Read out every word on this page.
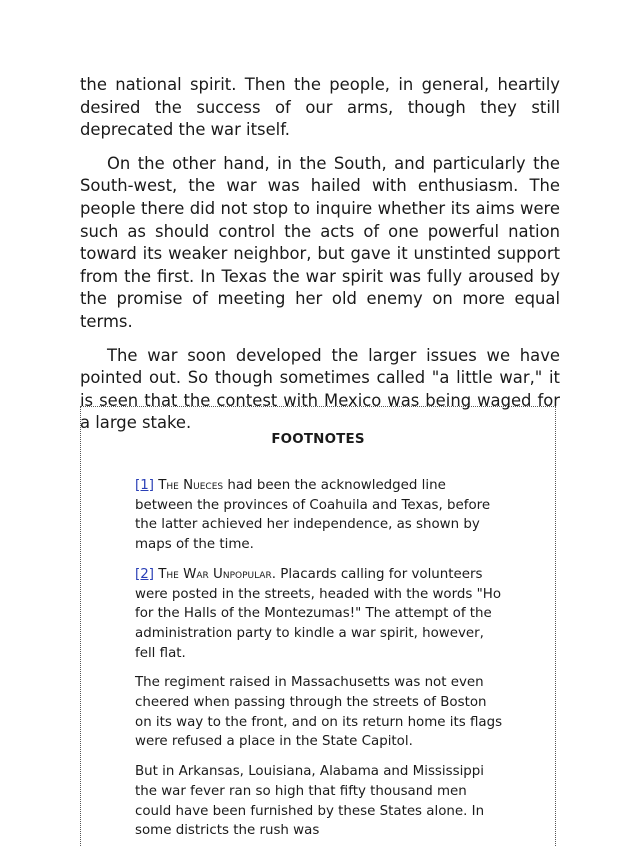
the national spirit. Then the people, in general, heartily desired the success of our arms, though they still deprecated the war itself.

On the other hand, in the South, and particularly the South-west, the war was hailed with enthusiasm. The people there did not stop to inquire whether its aims were such as should control the acts of one powerful nation toward its weaker neighbor, but gave it unstinted support from the first. In Texas the war spirit was fully aroused by the promise of meeting her old enemy on more equal terms.

The war soon developed the larger issues we have pointed out. So though sometimes called "a little war," it is seen that the contest with Mexico was being waged for a large stake.

FOOTNOTES

[1] The Nueces had been the acknowledged line between the provinces of Coahuila and Texas, before the latter achieved her independence, as shown by maps of the time.

[2] The War Unpopular. Placards calling for volunteers were posted in the streets, headed with the words "Ho for the Halls of the Montezumas!" The attempt of the administration party to kindle a war spirit, however, fell flat.

The regiment raised in Massachusetts was not even cheered when passing through the streets of Boston on its way to the front, and on its return home its flags were refused a place in the State Capitol.

But in Arkansas, Louisiana, Alabama and Mississippi the war fever ran so high that fifty thousand men could have been furnished by these States alone. In some districts the rush was
